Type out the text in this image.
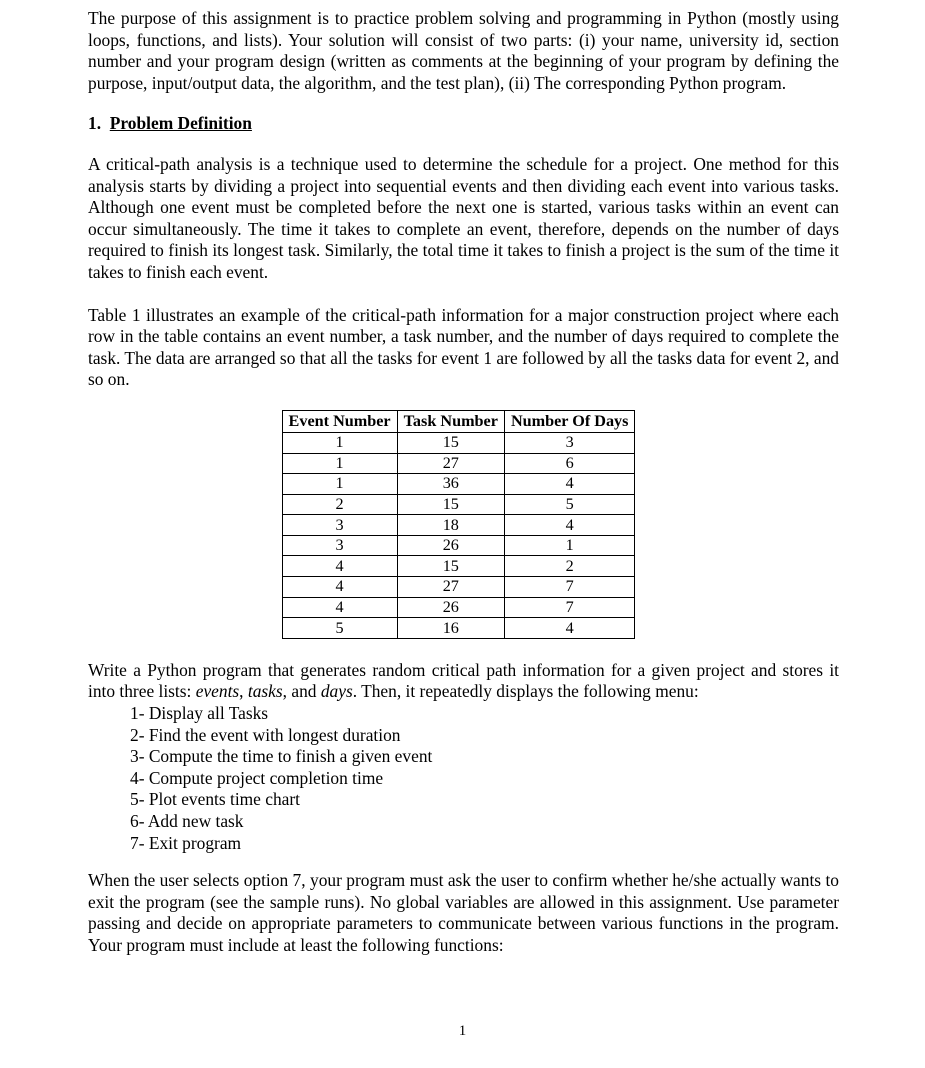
The purpose of this assignment is to practice problem solving and programming in Python (mostly using loops, functions, and lists). Your solution will consist of two parts: (i) your name, university id, section number and your program design (written as comments at the beginning of your program by defining the purpose, input/output data, the algorithm, and the test plan), (ii) The corresponding Python program.

1. Problem Definition

A critical-path analysis is a technique used to determine the schedule for a project. One method for this analysis starts by dividing a project into sequential events and then dividing each event into various tasks. Although one event must be completed before the next one is started, various tasks within an event can occur simultaneously. The time it takes to complete an event, therefore, depends on the number of days required to finish its longest task. Similarly, the total time it takes to finish a project is the sum of the time it takes to finish each event.

Table 1 illustrates an example of the critical-path information for a major construction project where each row in the table contains an event number, a task number, and the number of days required to complete the task. The data are arranged so that all the tasks for event 1 are followed by all the tasks data for event 2, and so on.

Event Number	Task Number	Number Of Days
1	15	3
1	27	6
1	36	4
2	15	5
3	18	4
3	26	1
4	15	2
4	27	7
4	26	7
5	16	4

Write a Python program that generates random critical path information for a given project and stores it into three lists: events, tasks, and days. Then, it repeatedly displays the following menu:

1- Display all Tasks
2- Find the event with longest duration
3- Compute the time to finish a given event
4- Compute project completion time
5- Plot events time chart
6- Add new task
7- Exit program

When the user selects option 7, your program must ask the user to confirm whether he/she actually wants to exit the program (see the sample runs). No global variables are allowed in this assignment. Use parameter passing and decide on appropriate parameters to communicate between various functions in the program. Your program must include at least the following functions:

1
